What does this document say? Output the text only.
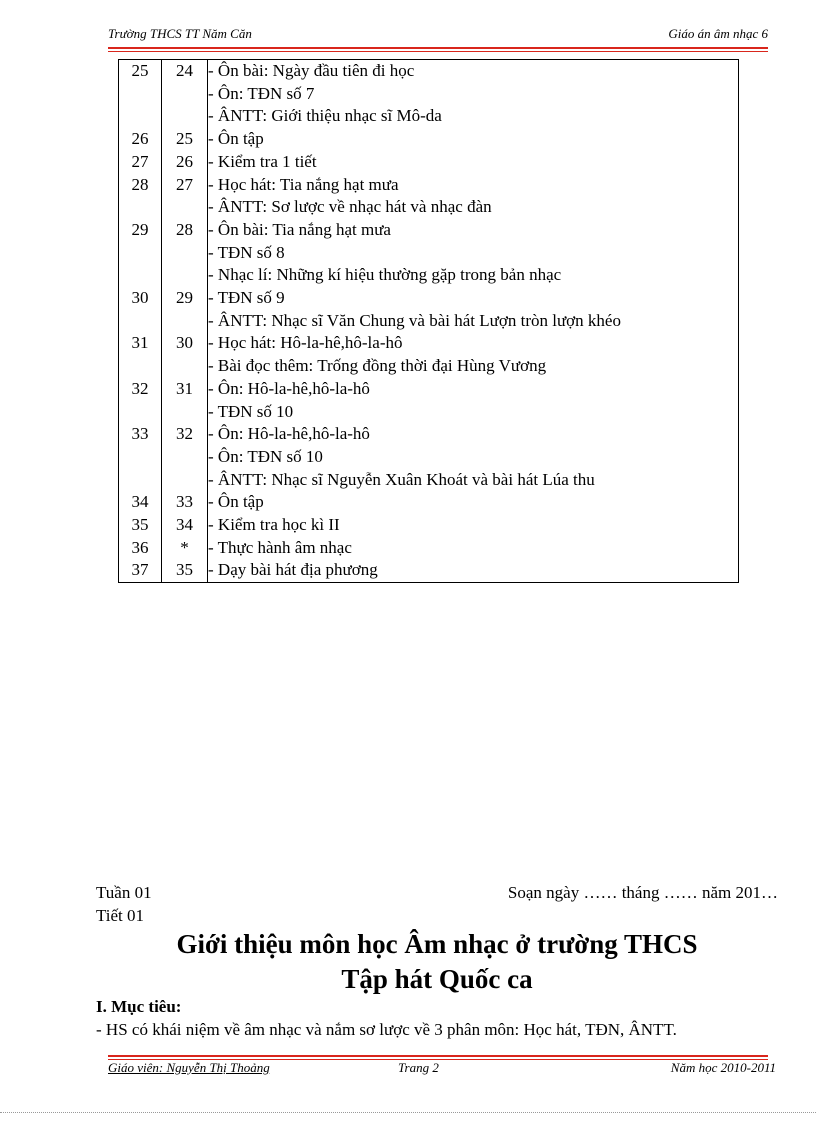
Trường THCS TT Năm Căn	Giáo án âm nhạc 6
25	24	- Ôn bài: Ngày đầu tiên đi học
		- Ôn: TĐN số 7
		- ÂNTT: Giới thiệu nhạc sĩ Mô-da
26	25	- Ôn tập
27	26	- Kiểm tra 1 tiết
28	27	- Học hát: Tia nắng hạt mưa
		- ÂNTT: Sơ lược về nhạc hát và nhạc đàn
29	28	- Ôn bài: Tia nắng hạt mưa
		- TĐN số 8
		- Nhạc lí: Những kí hiệu thường gặp trong bản nhạc
30	29	- TĐN số 9
		- ÂNTT: Nhạc sĩ Văn Chung và bài hát Lượn tròn lượn khéo
31	30	- Học hát: Hô-la-hê,hô-la-hô
		- Bài đọc thêm: Trống đồng thời đại Hùng Vương
32	31	- Ôn: Hô-la-hê,hô-la-hô
		- TĐN số 10
33	32	- Ôn: Hô-la-hê,hô-la-hô
		- Ôn: TĐN số 10
		- ÂNTT: Nhạc sĩ Nguyễn Xuân Khoát và bài hát Lúa thu
34	33	- Ôn tập
35	34	- Kiểm tra học kì II
36	*	- Thực hành âm nhạc
37	35	- Dạy bài hát địa phương
Tuần 01
Tiết 01
Soạn ngày …… tháng …… năm 201…
Giới thiệu môn học Âm nhạc ở trường THCS
Tập hát Quốc ca
I. Mục tiêu:
- HS có khái niệm về âm nhạc và nắm sơ lược về 3 phân môn: Học hát, TĐN, ÂNTT.
Giáo viên: Nguyễn Thị Thoảng	Trang 2	Năm học 2010-2011
